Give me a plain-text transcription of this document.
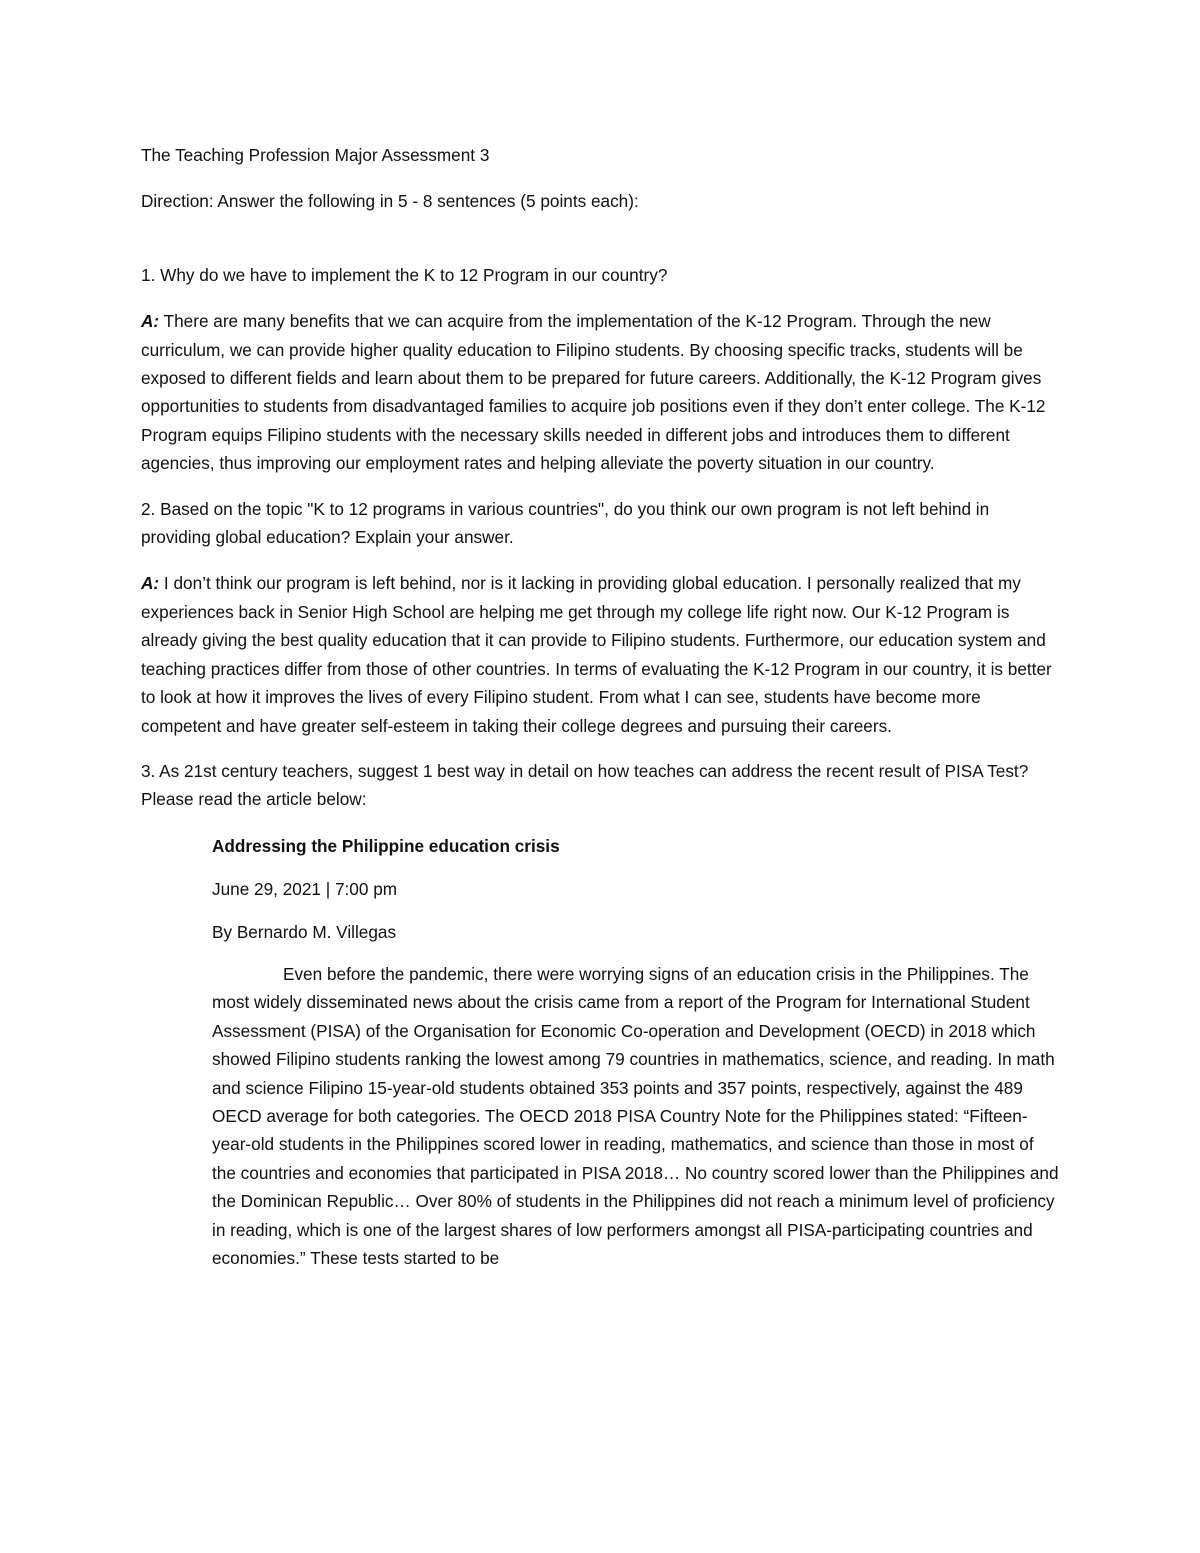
The Teaching Profession Major Assessment 3

Direction: Answer the following in 5 - 8 sentences (5 points each):

1. Why do we have to implement the K to 12 Program in our country?

A: There are many benefits that we can acquire from the implementation of the K-12 Program. Through the new curriculum, we can provide higher quality education to Filipino students. By choosing specific tracks, students will be exposed to different fields and learn about them to be prepared for future careers. Additionally, the K-12 Program gives opportunities to students from disadvantaged families to acquire job positions even if they don’t enter college. The K-12 Program equips Filipino students with the necessary skills needed in different jobs and introduces them to different agencies, thus improving our employment rates and helping alleviate the poverty situation in our country.

2. Based on the topic "K to 12 programs in various countries", do you think our own program is not left behind in providing global education? Explain your answer.

A: I don’t think our program is left behind, nor is it lacking in providing global education. I personally realized that my experiences back in Senior High School are helping me get through my college life right now. Our K-12 Program is already giving the best quality education that it can provide to Filipino students. Furthermore, our education system and teaching practices differ from those of other countries. In terms of evaluating the K-12 Program in our country, it is better to look at how it improves the lives of every Filipino student. From what I can see, students have become more competent and have greater self-esteem in taking their college degrees and pursuing their careers.

3. As 21st century teachers, suggest 1 best way in detail on how teaches can address the recent result of PISA Test? Please read the article below:

Addressing the Philippine education crisis

June 29, 2021 | 7:00 pm

By Bernardo M. Villegas

Even before the pandemic, there were worrying signs of an education crisis in the Philippines. The most widely disseminated news about the crisis came from a report of the Program for International Student Assessment (PISA) of the Organisation for Economic Co-operation and Development (OECD) in 2018 which showed Filipino students ranking the lowest among 79 countries in mathematics, science, and reading. In math and science Filipino 15-year-old students obtained 353 points and 357 points, respectively, against the 489 OECD average for both categories. The OECD 2018 PISA Country Note for the Philippines stated: “Fifteen-year-old students in the Philippines scored lower in reading, mathematics, and science than those in most of the countries and economies that participated in PISA 2018… No country scored lower than the Philippines and the Dominican Republic… Over 80% of students in the Philippines did not reach a minimum level of proficiency in reading, which is one of the largest shares of low performers amongst all PISA-participating countries and economies.” These tests started to be
